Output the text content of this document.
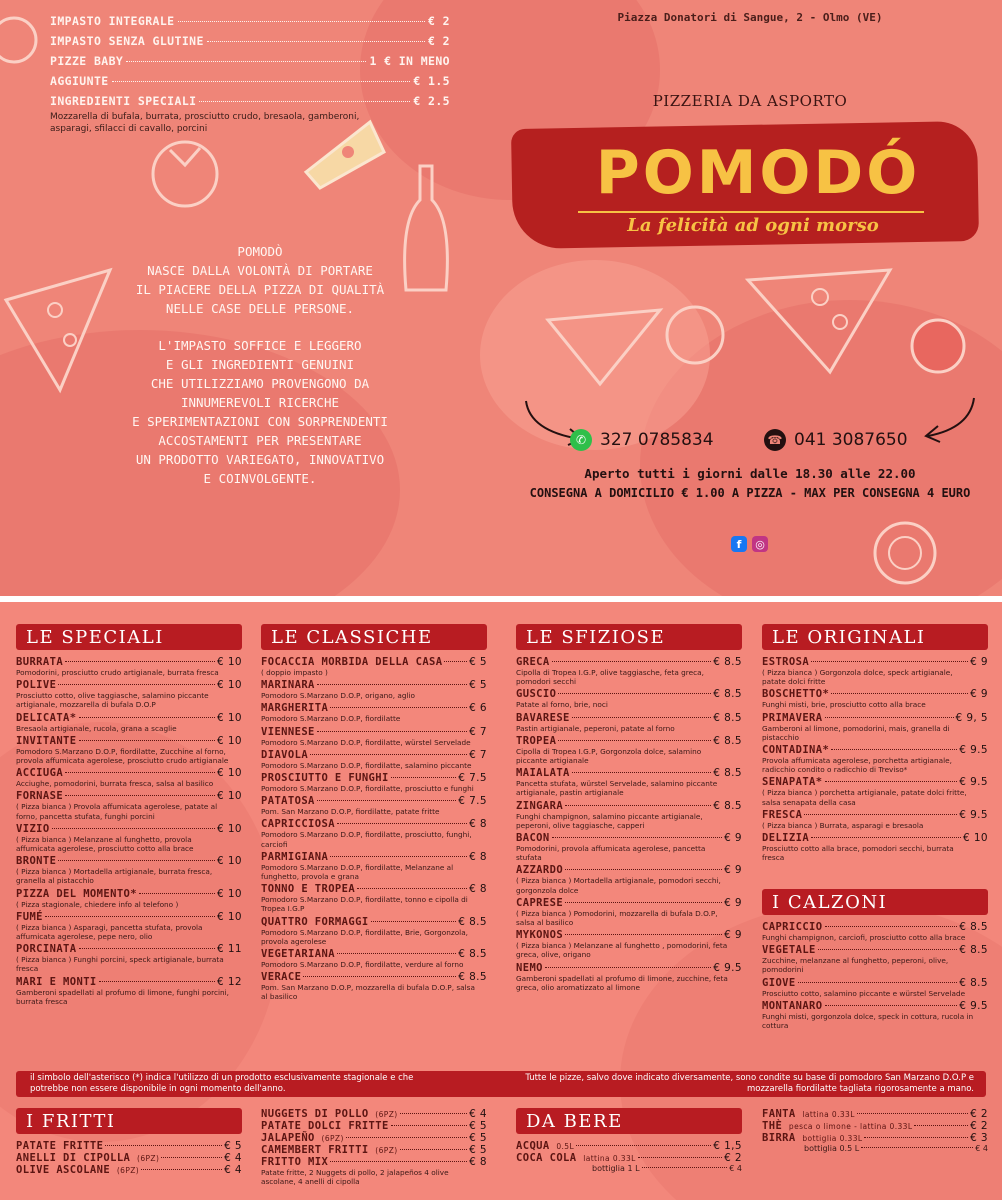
IMPASTO INTEGRALE	€ 2
IMPASTO SENZA GLUTINE	€ 2
PIZZE BABY	1 € IN MENO
AGGIUNTE	€ 1.5
INGREDIENTI SPECIALI	€ 2.5
Mozzarella di bufala, burrata, prosciutto crudo, bresaola, gamberoni, asparagi, sfilacci di cavallo, porcini
POMODÒ
NASCE DALLA VOLONTÀ DI PORTARE
IL PIACERE DELLA PIZZA DI QUALITÀ
NELLE CASE DELLE PERSONE.
L'IMPASTO SOFFICE E LEGGERO
E GLI INGREDIENTI GENUINI
CHE UTILIZZIAMO PROVENGONO DA
INNUMEREVOLI RICERCHE
E SPERIMENTAZIONI CON SORPRENDENTI
ACCOSTAMENTI PER PRESENTARE
UN PRODOTTO VARIEGATO, INNOVATIVO
E COINVOLGENTE.
Piazza Donatori di Sangue, 2 - Olmo (VE)
PIZZERIA DA ASPORTO
POMODÓ
La felicità ad ogni morso
✆ 327 0785834	☎ 041 3087650
Aperto tutti i giorni dalle 18.30 alle 22.00
CONSEGNA A DOMICILIO € 1.00 A PIZZA - MAX PER CONSEGNA 4 EURO
f	◎
LE SPECIALI
BURRATA	€ 10
Pomodorini, prosciutto crudo artigianale, burrata fresca
POLIVE	€ 10
Prosciutto cotto, olive taggiasche, salamino piccante artigianale, mozzarella di bufala D.O.P
DELICATA*	€ 10
Bresaola artigianale, rucola, grana a scaglie
INVITANTE	€ 10
Pomodoro S.Marzano D.O.P, fiordilatte, Zucchine al forno, provola affumicata agerolese, prosciutto crudo artigianale
ACCIUGA	€ 10
Acciughe, pomodorini, burrata fresca, salsa al basilico
FORNASE	€ 10
( Pizza bianca ) Provola affumicata agerolese, patate al forno, pancetta stufata, funghi porcini
VIZIO	€ 10
( Pizza bianca ) Melanzane al funghetto, provola affumicata agerolese, prosciutto cotto alla brace
BRONTE	€ 10
( Pizza bianca ) Mortadella artigianale, burrata fresca, granella al pistacchio
PIZZA DEL MOMENTO*	€ 10
( Pizza stagionale, chiedere info al telefono )
FUMÉ	€ 10
( Pizza bianca ) Asparagi, pancetta stufata, provola affumicata agerolese, pepe nero, olio
PORCINATA	€ 11
( Pizza bianca ) Funghi porcini, speck artigianale, burrata fresca
MARI E MONTI	€ 12
Gamberoni spadellati al profumo di limone, funghi porcini, burrata fresca
LE CLASSICHE
FOCACCIA MORBIDA DELLA CASA	€ 5
( doppio impasto )
MARINARA	€ 5
Pomodoro S.Marzano D.O.P, origano, aglio
MARGHERITA	€ 6
Pomodoro S.Marzano D.O.P, fiordilatte
VIENNESE	€ 7
Pomodoro S.Marzano D.O.P, fiordilatte, würstel Servelade
DIAVOLA	€ 7
Pomodoro S.Marzano D.O.P, fiordilatte, salamino piccante
PROSCIUTTO E FUNGHI	€ 7.5
Pomodoro S.Marzano D.O.P, fiordilatte, prosciutto e funghi
PATATOSA	€ 7.5
Pom. San Marzano D.O.P, fiordilatte, patate fritte
CAPRICCIOSA	€ 8
Pomodoro S.Marzano D.O.P, fiordilatte, prosciutto, funghi, carciofi
PARMIGIANA	€ 8
Pomodoro S.Marzano D.O.P, fiordilatte, Melanzane al funghetto, provola e grana
TONNO E TROPEA	€ 8
Pomodoro S.Marzano D.O.P, fiordilatte, tonno e cipolla di Tropea I.G.P
QUATTRO FORMAGGI	€ 8.5
Pomodoro S.Marzano D.O.P, fiordilatte, Brie, Gorgonzola, provola agerolese
VEGETARIANA	€ 8.5
Pomodoro S.Marzano D.O.P, fiordilatte, verdure al forno
VERACE	€ 8.5
Pom. San Marzano D.O.P, mozzarella di bufala D.O.P, salsa al basilico
LE SFIZIOSE
GRECA	€ 8.5
Cipolla di Tropea I.G.P, olive taggiasche, feta greca, pomodori secchi
GUSCIO	€ 8.5
Patate al forno, brie, noci
BAVARESE	€ 8.5
Pastin artigianale, peperoni, patate al forno
TROPEA	€ 8.5
Cipolla di Tropea I.G.P, Gorgonzola dolce, salamino piccante artigianale
MAIALATA	€ 8.5
Pancetta stufata, würstel Servelade, salamino piccante artigianale, pastin artigianale
ZINGARA	€ 8.5
Funghi champignon, salamino piccante artigianale, peperoni, olive taggiasche, capperi
BACON	€ 9
Pomodorini, provola affumicata agerolese, pancetta stufata
AZZARDO	€ 9
( Pizza bianca ) Mortadella artigianale, pomodori secchi, gorgonzola dolce
CAPRESE	€ 9
( Pizza bianca ) Pomodorini, mozzarella di bufala D.O.P, salsa al basilico
MYKONOS	€ 9
( Pizza bianca ) Melanzane al funghetto , pomodorini, feta greca, olive, origano
NEMO	€ 9.5
Gamberoni spadellati al profumo di limone, zucchine, feta greca, olio aromatizzato al limone
LE ORIGINALI
ESTROSA	€ 9
( Pizza bianca ) Gorgonzola dolce, speck artigianale, patate dolci fritte
BOSCHETTO*	€ 9
Funghi misti, brie, prosciutto cotto alla brace
PRIMAVERA	€ 9, 5
Gamberoni al limone, pomodorini, mais, granella di pistacchio
CONTADINA*	€ 9.5
Provola affumicata agerolese, porchetta artigianale, radicchio condito o radicchio di Treviso*
SENAPATA*	€ 9.5
( Pizza bianca ) porchetta artigianale, patate dolci fritte, salsa senapata della casa
FRESCA	€ 9.5
( Pizza bianca ) Burrata, asparagi e bresaola
DELIZIA	€ 10
Prosciutto cotto alla brace, pomodori secchi, burrata fresca
I CALZONI
CAPRICCIO	€ 8.5
Funghi champignon, carciofi, prosciutto cotto alla brace
VEGETALE	€ 8.5
Zucchine, melanzane al funghetto, peperoni, olive, pomodorini
GIOVE	€ 8.5
Prosciutto cotto, salamino piccante e würstel Servelade
MONTANARO	€ 9.5
Funghi misti, gorgonzola dolce, speck in cottura, rucola in cottura
il simbolo dell'asterisco (*) indica l'utilizzo di un prodotto esclusivamente stagionale e che potrebbe non essere disponibile in ogni momento dell'anno.
Tutte le pizze, salvo dove indicato diversamente, sono condite su base di pomodoro San Marzano D.O.P e mozzarella fiordilatte tagliata rigorosamente a mano.
I FRITTI
PATATE FRITTE	€ 5
ANELLI DI CIPOLLA
(6PZ)	€ 4
OLIVE ASCOLANE
(6PZ)	€ 4
NUGGETS DI POLLO
(6PZ)	€ 4
PATATE DOLCI FRITTE	€ 5
JALAPEÑO
(6PZ)	€ 5
CAMEMBERT FRITTI
(6PZ)	€ 5
FRITTO MIX	€ 8
Patate fritte, 2 Nuggets di pollo, 2 jalapeños 4 olive ascolane, 4 anelli di cipolla
DA BERE
ACQUA
0.5L	€ 1,5
COCA COLA
lattina 0.33L	€ 2
bottiglia 1 L	€ 4
FANTA
lattina 0.33L	€ 2
THÈ
pesca o limone - lattina 0.33L	€ 2
BIRRA
bottiglia 0.33L	€ 3
bottiglia 0.5 L	€ 4
